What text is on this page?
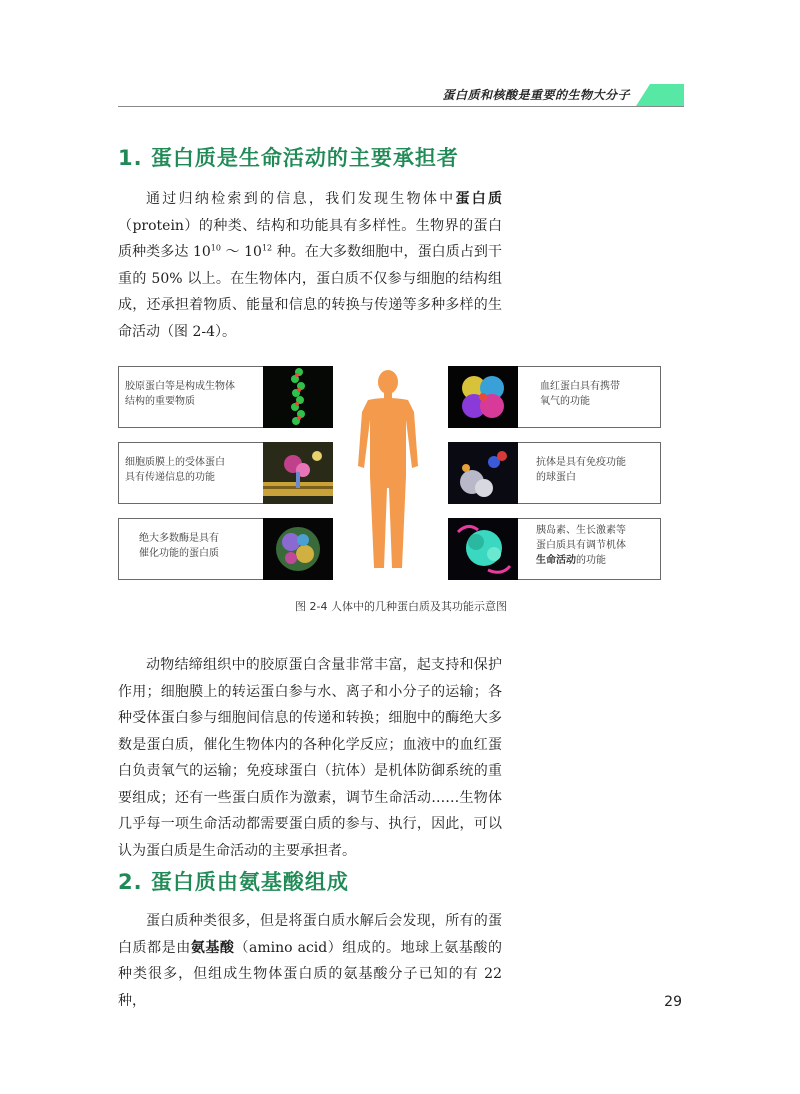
蛋白质和核酸是重要的生物大分子
1. 蛋白质是生命活动的主要承担者

通过归纳检索到的信息，我们发现生物体中蛋白质（protein）的种类、结构和功能具有多样性。生物界的蛋白质种类多达 $10^{10}$ ～ $10^{12}$ 种。在大多数细胞中，蛋白质占到干重的 50% 以上。在生物体内，蛋白质不仅参与细胞的结构组成，还承担着物质、能量和信息的转换与传递等多种多样的生命活动（图 2-4）。

胶原蛋白等是构成生物体
结构的重要物质

细胞质膜上的受体蛋白
具有传递信息的功能

绝大多数酶是具有
催化功能的蛋白质

血红蛋白具有携带
氧气的功能

抗体是具有免疫功能
的球蛋白

胰岛素、生长激素等
蛋白质具有调节机体
生命活动的功能

图 2-4 人体中的几种蛋白质及其功能示意图

动物结缔组织中的胶原蛋白含量非常丰富，起支持和保护作用；细胞膜上的转运蛋白参与水、离子和小分子的运输；各种受体蛋白参与细胞间信息的传递和转换；细胞中的酶绝大多数是蛋白质，催化生物体内的各种化学反应；血液中的血红蛋白负责氧气的运输；免疫球蛋白（抗体）是机体防御系统的重要组成；还有一些蛋白质作为激素，调节生命活动……生物体几乎每一项生命活动都需要蛋白质的参与、执行，因此，可以认为蛋白质是生命活动的主要承担者。

2. 蛋白质由氨基酸组成

蛋白质种类很多，但是将蛋白质水解后会发现，所有的蛋白质都是由氨基酸（amino acid）组成的。地球上氨基酸的种类很多，但组成生物体蛋白质的氨基酸分子已知的有 22 种，	29
